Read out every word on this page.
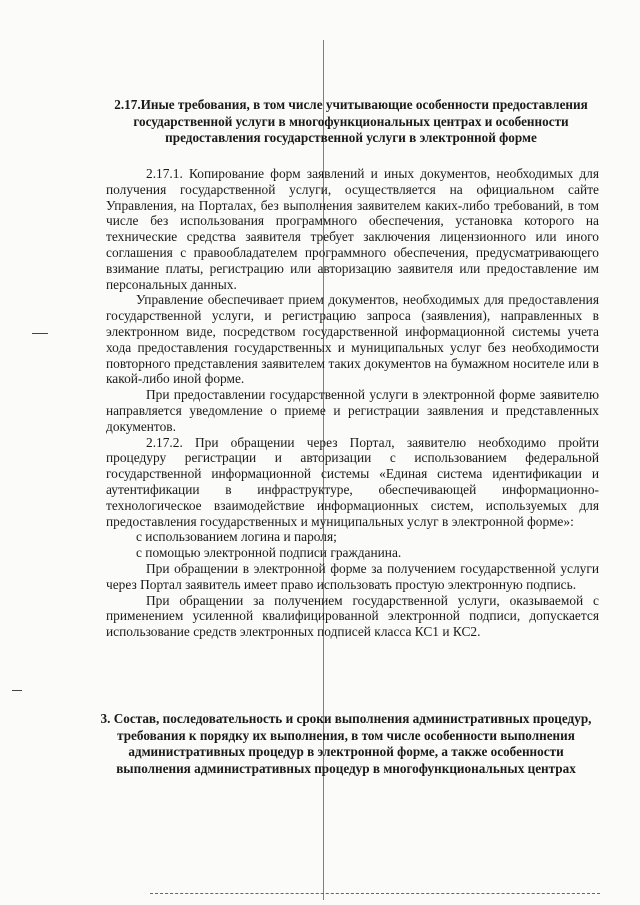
2.17.Иные требования, в том числе учитывающие особенности предоставления государственной услуги в многофункциональных центрах и особенности предоставления государственной услуги в электронной форме

2.17.1. Копирование форм заявлений и иных документов, необходимых для получения государственной услуги, осуществляется на официальном сайте Управления, на Порталах, без выполнения заявителем каких-либо требований, в том числе без использования программного обеспечения, установка которого на технические средства заявителя требует заключения лицензионного или иного соглашения с правообладателем программного обеспечения, предусматривающего взимание платы, регистрацию или авторизацию заявителя или предоставление им персональных данных.

Управление обеспечивает прием документов, необходимых для предоставления государственной услуги, и регистрацию запроса (заявления), направленных в электронном виде, посредством государственной информационной системы учета хода предоставления государственных и муниципальных услуг без необходимости повторного представления заявителем таких документов на бумажном носителе или в какой-либо иной форме.

При предоставлении государственной услуги в электронной форме заявителю направляется уведомление о приеме и регистрации заявления и представленных документов.

2.17.2. При обращении через Портал, заявителю необходимо пройти процедуру регистрации и авторизации с использованием федеральной государственной информационной системы «Единая система идентификации и аутентификации в инфраструктуре, обеспечивающей информационно-технологическое взаимодействие информационных систем, используемых для предоставления государственных и муниципальных услуг в электронной форме»:

с использованием логина и пароля;

с помощью электронной подписи гражданина.

При обращении в электронной форме за получением государственной услуги через Портал заявитель имеет право использовать простую электронную подпись.

При обращении за получением государственной услуги, оказываемой с применением усиленной квалифицированной электронной подписи, допускается использование средств электронных подписей класса КС1 и КС2.

3. Состав, последовательность и сроки выполнения административных процедур, требования к порядку их выполнения, в том числе особенности выполнения административных процедур в электронной форме, а также особенности выполнения административных процедур в многофункциональных центрах
